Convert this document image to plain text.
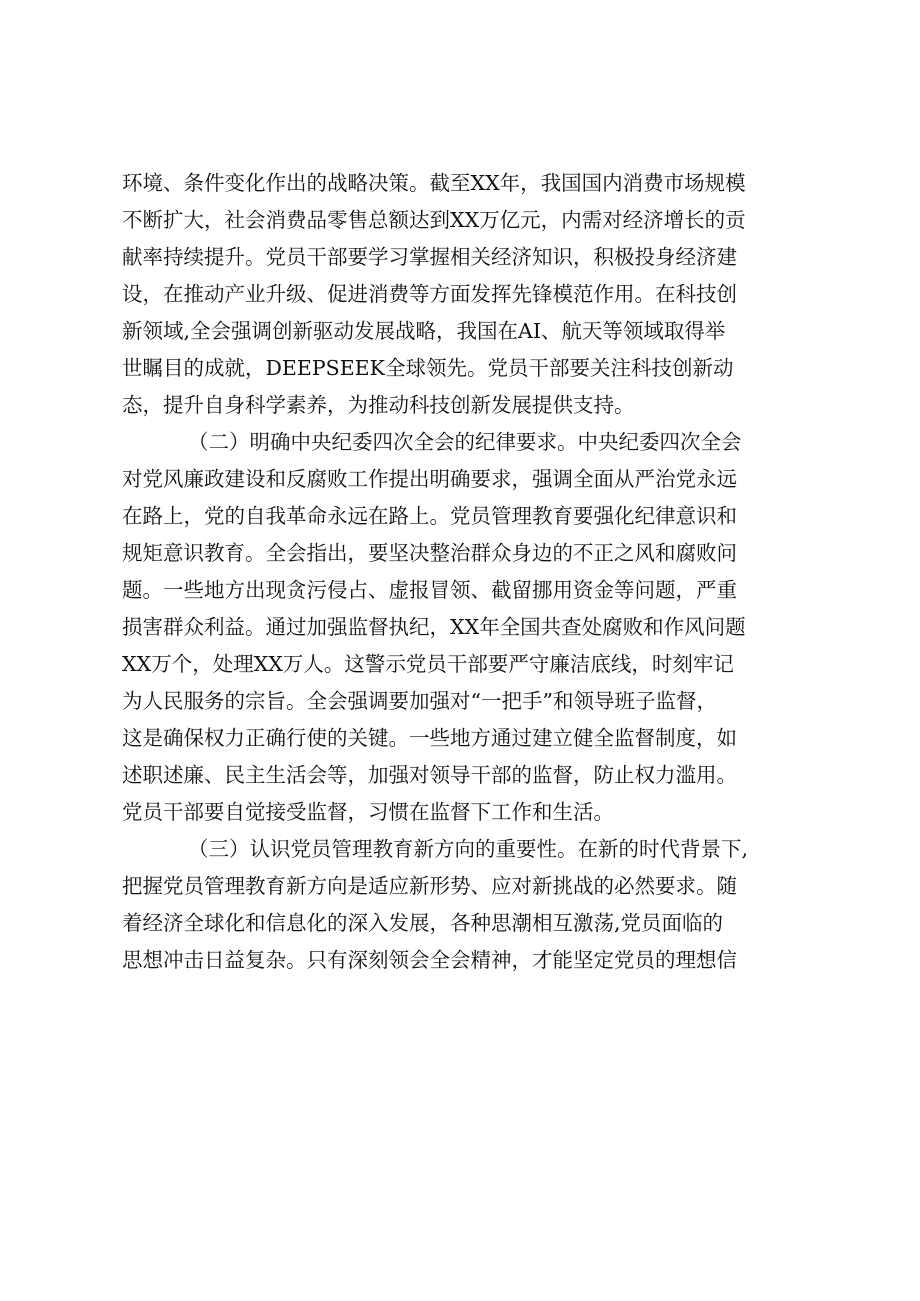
环境、条件变化作出的战略决策。截至XX年，我国国内消费市场规模
不断扩大，社会消费品零售总额达到XX万亿元，内需对经济增长的贡
献率持续提升。党员干部要学习掌握相关经济知识，积极投身经济建
设，在推动产业升级、促进消费等方面发挥先锋模范作用。在科技创
新领域,全会强调创新驱动发展战略，我国在AI、航天等领域取得举
世瞩目的成就，DEEPSEEK全球领先。党员干部要关注科技创新动
态，提升自身科学素养，为推动科技创新发展提供支持。
（二）明确中央纪委四次全会的纪律要求。中央纪委四次全会
对党风廉政建设和反腐败工作提出明确要求，强调全面从严治党永远
在路上，党的自我革命永远在路上。党员管理教育要强化纪律意识和
规矩意识教育。全会指出，要坚决整治群众身边的不正之风和腐败问
题。一些地方出现贪污侵占、虚报冒领、截留挪用资金等问题，严重
损害群众利益。通过加强监督执纪，XX年全国共查处腐败和作风问题
XX万个，处理XX万人。这警示党员干部要严守廉洁底线，时刻牢记
为人民服务的宗旨。全会强调要加强对“一把手”和领导班子监督，
这是确保权力正确行使的关键。一些地方通过建立健全监督制度，如
述职述廉、民主生活会等，加强对领导干部的监督，防止权力滥用。
党员干部要自觉接受监督，习惯在监督下工作和生活。
（三）认识党员管理教育新方向的重要性。在新的时代背景下,
把握党员管理教育新方向是适应新形势、应对新挑战的必然要求。随
着经济全球化和信息化的深入发展，各种思潮相互激荡,党员面临的
思想冲击日益复杂。只有深刻领会全会精神，才能坚定党员的理想信
